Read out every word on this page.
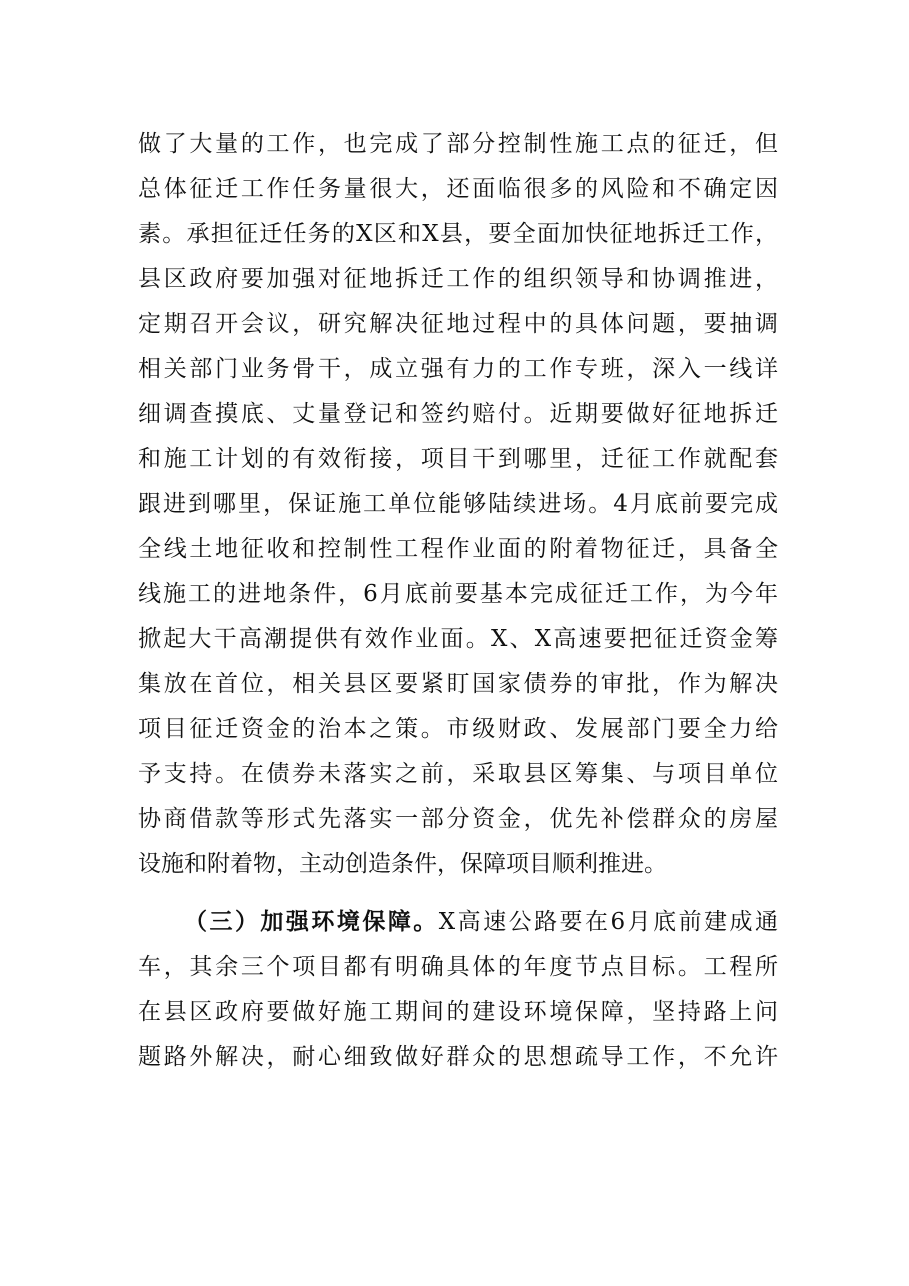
做了大量的工作，也完成了部分控制性施工点的征迁，但
总体征迁工作任务量很大，还面临很多的风险和不确定因
素。承担征迁任务的X区和X县，要全面加快征地拆迁工作，
县区政府要加强对征地拆迁工作的组织领导和协调推进，
定期召开会议，研究解决征地过程中的具体问题，要抽调
相关部门业务骨干，成立强有力的工作专班，深入一线详
细调查摸底、丈量登记和签约赔付。近期要做好征地拆迁
和施工计划的有效衔接，项目干到哪里，迁征工作就配套
跟进到哪里，保证施工单位能够陆续进场。4月底前要完成
全线土地征收和控制性工程作业面的附着物征迁，具备全
线施工的进地条件，6月底前要基本完成征迁工作，为今年
掀起大干高潮提供有效作业面。X、X高速要把征迁资金筹
集放在首位，相关县区要紧盯国家债券的审批，作为解决
项目征迁资金的治本之策。市级财政、发展部门要全力给
予支持。在债券未落实之前，采取县区筹集、与项目单位
协商借款等形式先落实一部分资金，优先补偿群众的房屋
设施和附着物，主动创造条件，保障项目顺利推进。
（三）加强环境保障。X高速公路要在6月底前建成通
车，其余三个项目都有明确具体的年度节点目标。工程所
在县区政府要做好施工期间的建设环境保障，坚持路上问
题路外解决，耐心细致做好群众的思想疏导工作，不允许
